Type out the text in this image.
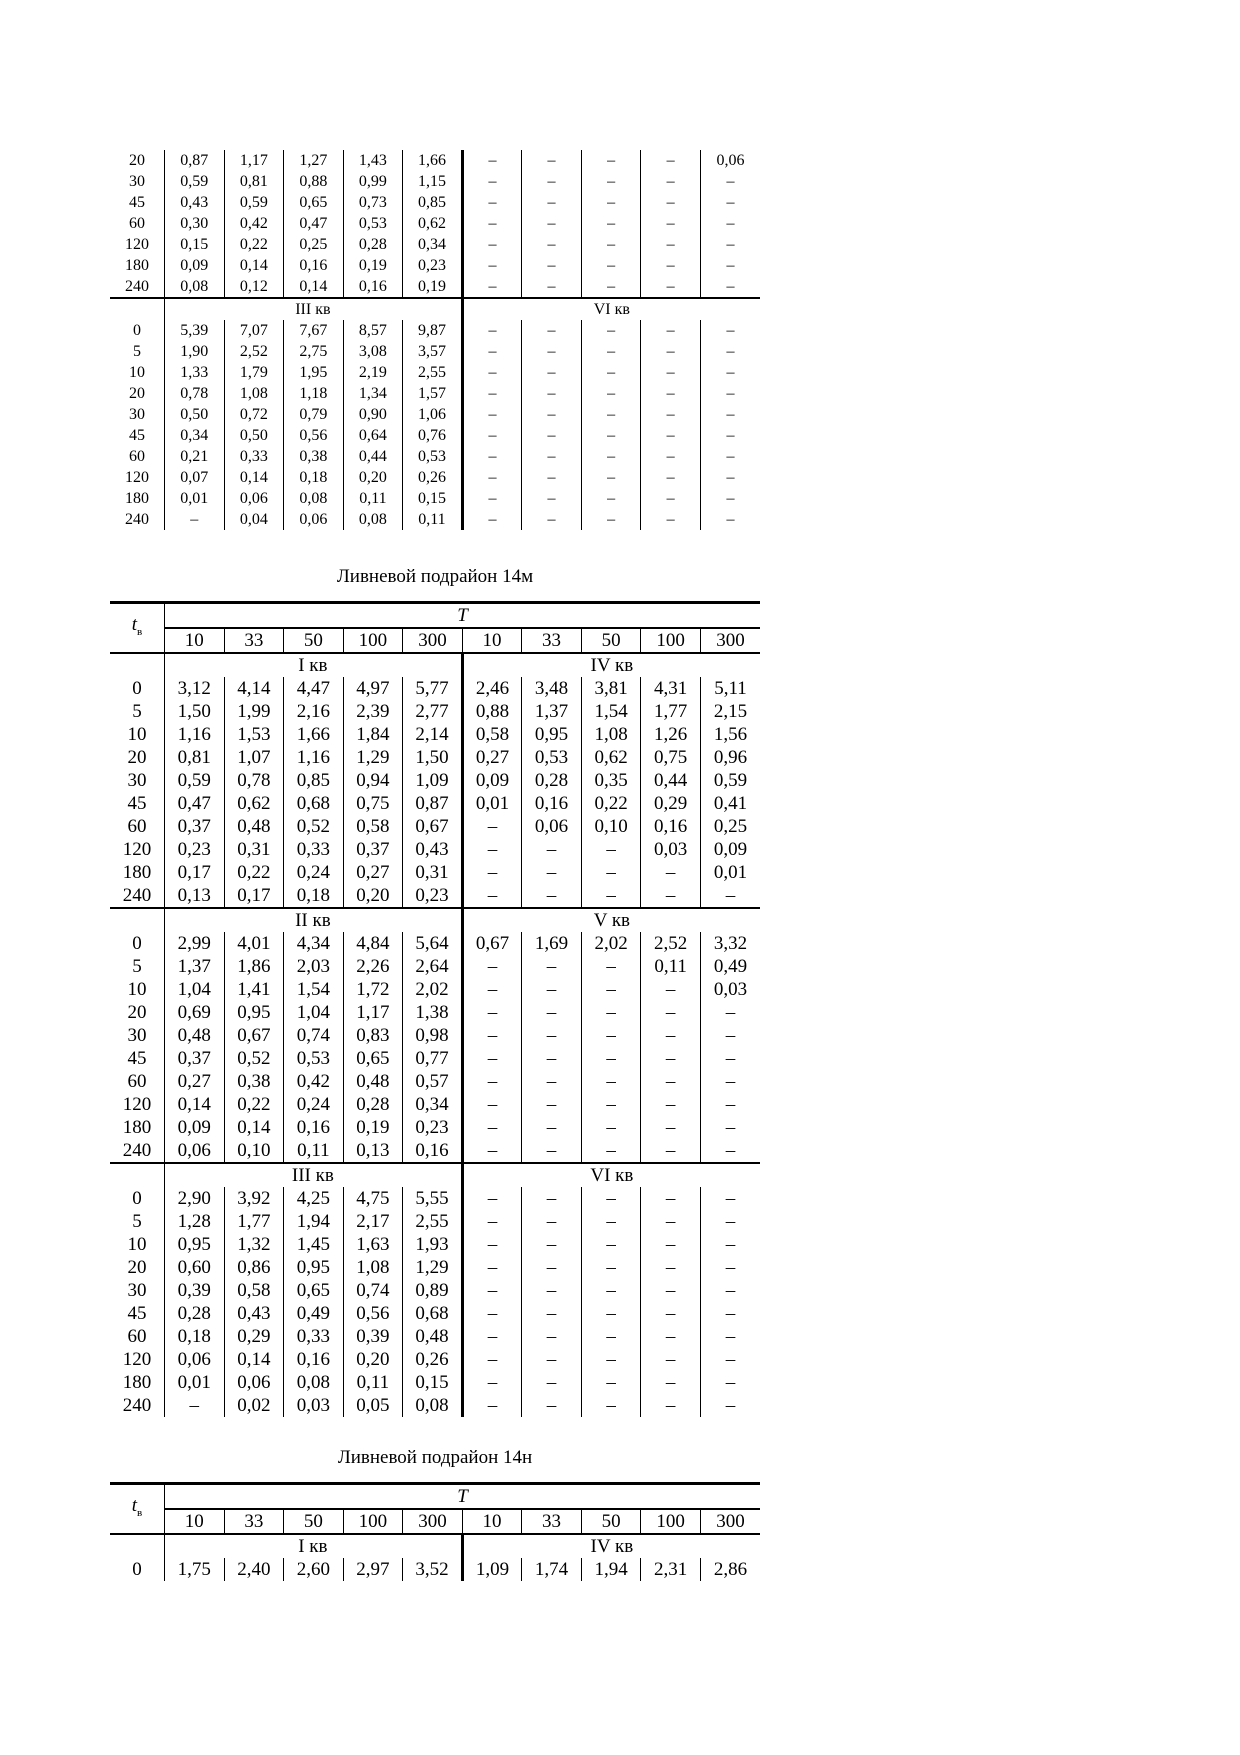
20	0,87	1,17	1,27	1,43	1,66	–	–	–	–	0,06
30	0,59	0,81	0,88	0,99	1,15	–	–	–	–	–
45	0,43	0,59	0,65	0,73	0,85	–	–	–	–	–
60	0,30	0,42	0,47	0,53	0,62	–	–	–	–	–
120	0,15	0,22	0,25	0,28	0,34	–	–	–	–	–
180	0,09	0,14	0,16	0,19	0,23	–	–	–	–	–
240	0,08	0,12	0,14	0,16	0,19	–	–	–	–	–
	III кв					VI кв				
0	5,39	7,07	7,67	8,57	9,87	–	–	–	–	–
5	1,90	2,52	2,75	3,08	3,57	–	–	–	–	–
10	1,33	1,79	1,95	2,19	2,55	–	–	–	–	–
20	0,78	1,08	1,18	1,34	1,57	–	–	–	–	–
30	0,50	0,72	0,79	0,90	1,06	–	–	–	–	–
45	0,34	0,50	0,56	0,64	0,76	–	–	–	–	–
60	0,21	0,33	0,38	0,44	0,53	–	–	–	–	–
120	0,07	0,14	0,18	0,20	0,26	–	–	–	–	–
180	0,01	0,06	0,08	0,11	0,15	–	–	–	–	–
240	–	0,04	0,06	0,08	0,11	–	–	–	–	–
Ливневой подрайон 14м
$t_в$	T									
	10	33	50	100	300	10	33	50	100	300
	I кв					IV кв				
0	3,12	4,14	4,47	4,97	5,77	2,46	3,48	3,81	4,31	5,11
5	1,50	1,99	2,16	2,39	2,77	0,88	1,37	1,54	1,77	2,15
10	1,16	1,53	1,66	1,84	2,14	0,58	0,95	1,08	1,26	1,56
20	0,81	1,07	1,16	1,29	1,50	0,27	0,53	0,62	0,75	0,96
30	0,59	0,78	0,85	0,94	1,09	0,09	0,28	0,35	0,44	0,59
45	0,47	0,62	0,68	0,75	0,87	0,01	0,16	0,22	0,29	0,41
60	0,37	0,48	0,52	0,58	0,67	–	0,06	0,10	0,16	0,25
120	0,23	0,31	0,33	0,37	0,43	–	–	–	0,03	0,09
180	0,17	0,22	0,24	0,27	0,31	–	–	–	–	0,01
240	0,13	0,17	0,18	0,20	0,23	–	–	–	–	–
	II кв					V кв				
0	2,99	4,01	4,34	4,84	5,64	0,67	1,69	2,02	2,52	3,32
5	1,37	1,86	2,03	2,26	2,64	–	–	–	0,11	0,49
10	1,04	1,41	1,54	1,72	2,02	–	–	–	–	0,03
20	0,69	0,95	1,04	1,17	1,38	–	–	–	–	–
30	0,48	0,67	0,74	0,83	0,98	–	–	–	–	–
45	0,37	0,52	0,53	0,65	0,77	–	–	–	–	–
60	0,27	0,38	0,42	0,48	0,57	–	–	–	–	–
120	0,14	0,22	0,24	0,28	0,34	–	–	–	–	–
180	0,09	0,14	0,16	0,19	0,23	–	–	–	–	–
240	0,06	0,10	0,11	0,13	0,16	–	–	–	–	–
	III кв					VI кв				
0	2,90	3,92	4,25	4,75	5,55	–	–	–	–	–
5	1,28	1,77	1,94	2,17	2,55	–	–	–	–	–
10	0,95	1,32	1,45	1,63	1,93	–	–	–	–	–
20	0,60	0,86	0,95	1,08	1,29	–	–	–	–	–
30	0,39	0,58	0,65	0,74	0,89	–	–	–	–	–
45	0,28	0,43	0,49	0,56	0,68	–	–	–	–	–
60	0,18	0,29	0,33	0,39	0,48	–	–	–	–	–
120	0,06	0,14	0,16	0,20	0,26	–	–	–	–	–
180	0,01	0,06	0,08	0,11	0,15	–	–	–	–	–
240	–	0,02	0,03	0,05	0,08	–	–	–	–	–
Ливневой подрайон 14н
$t_в$	T									
	10	33	50	100	300	10	33	50	100	300
	I кв					IV кв				
0	1,75	2,40	2,60	2,97	3,52	1,09	1,74	1,94	2,31	2,86
